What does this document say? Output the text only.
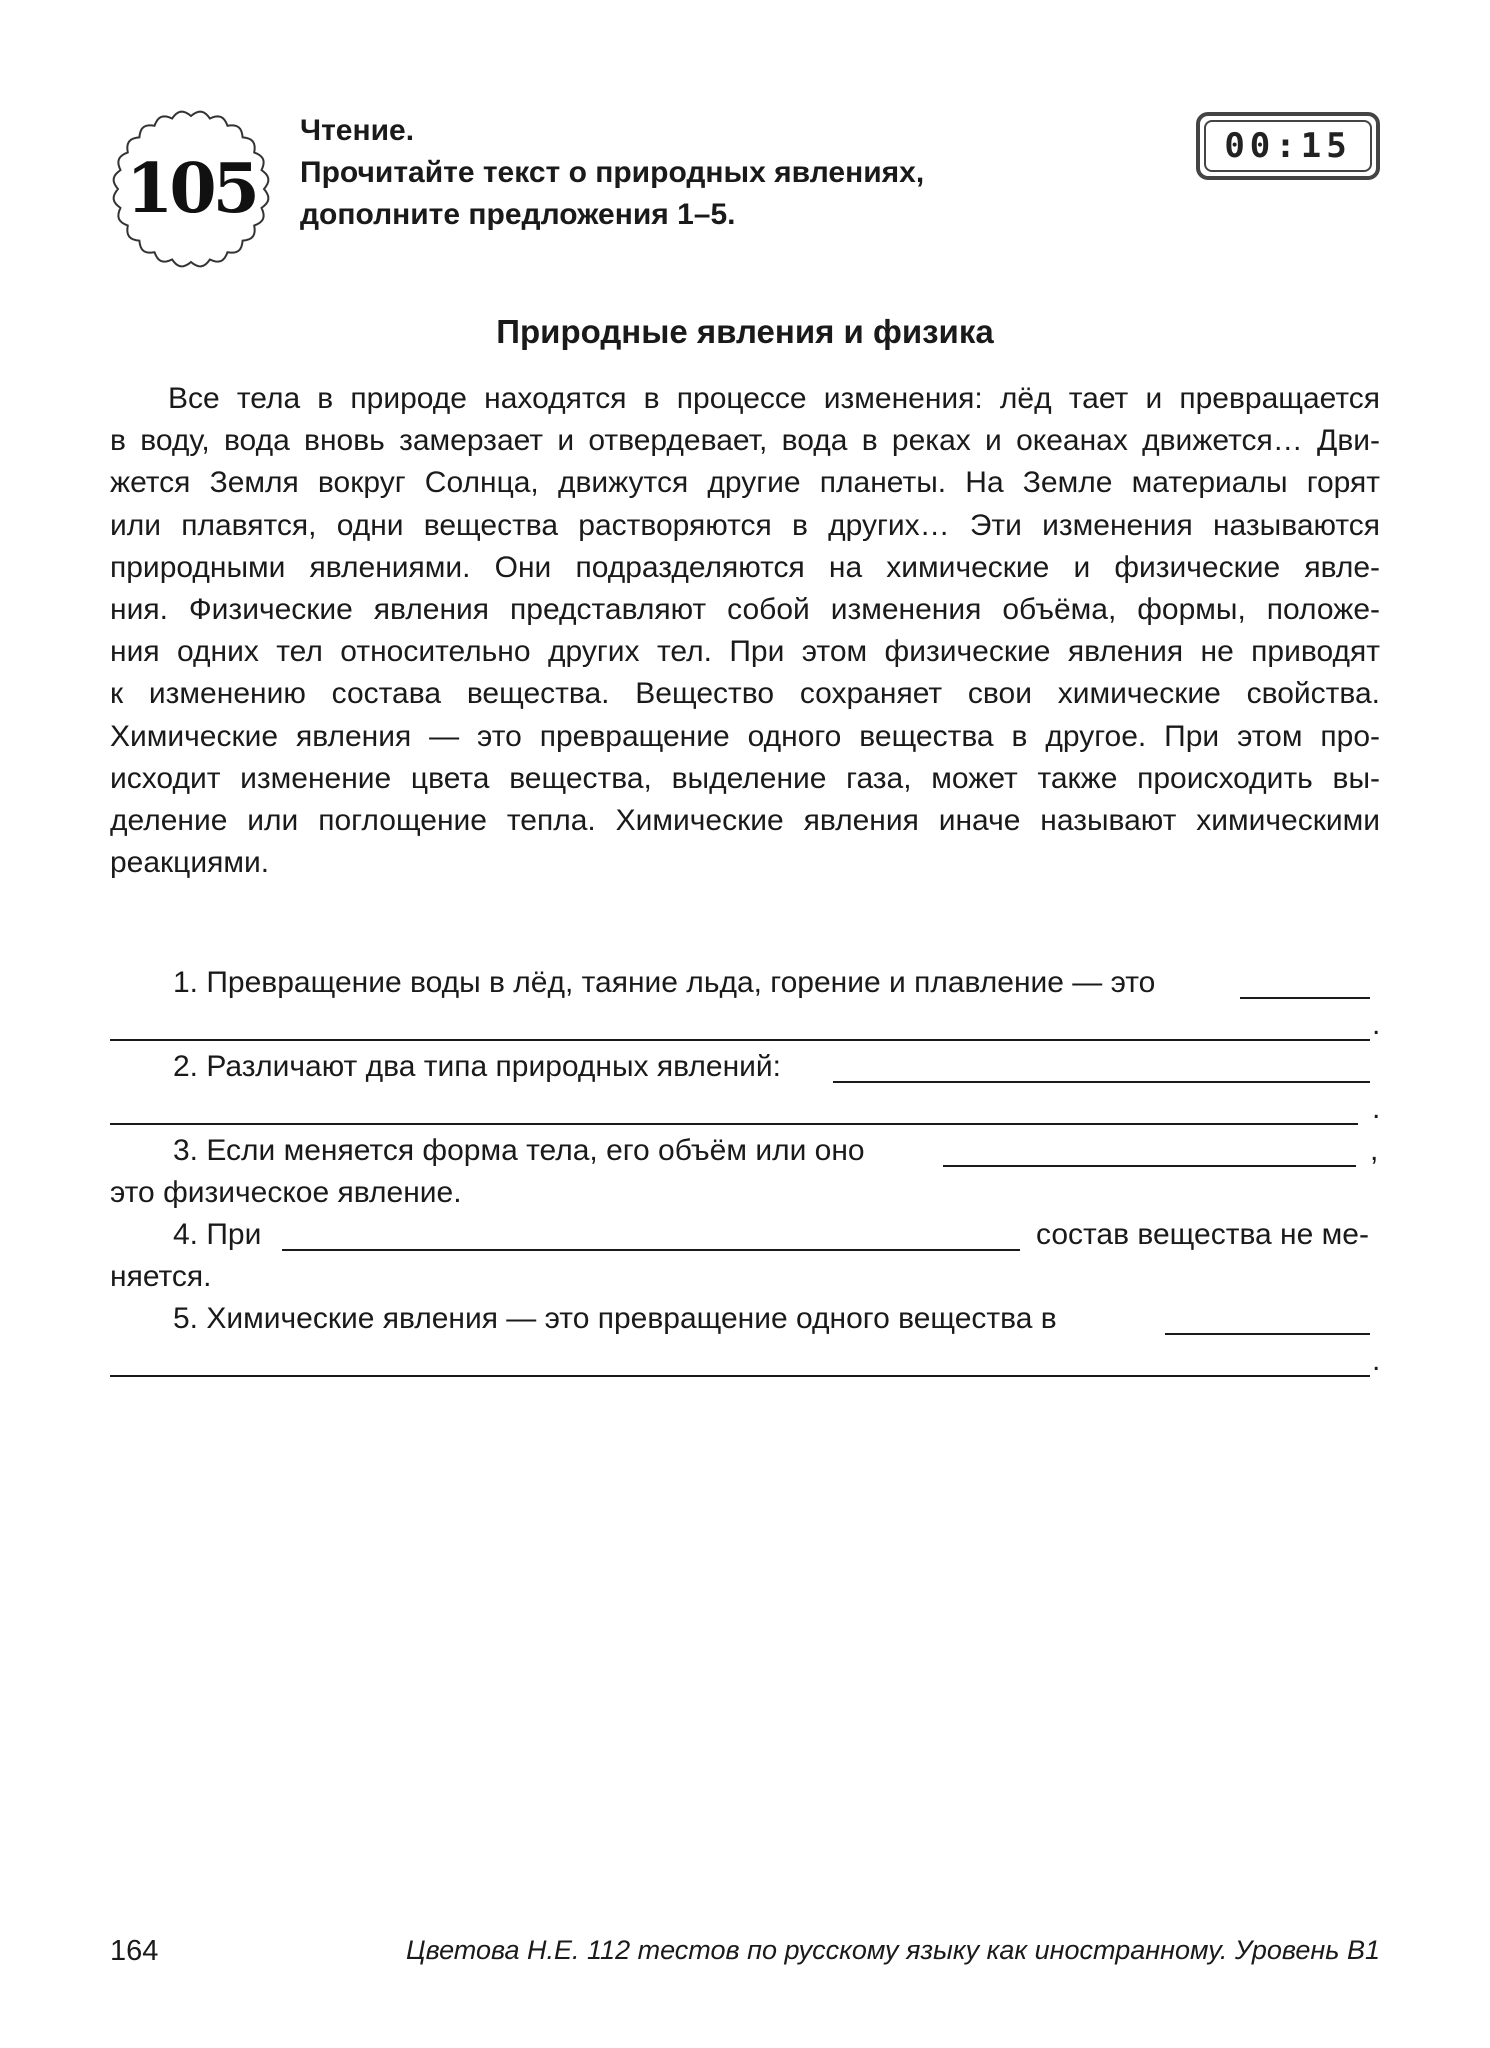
105
Чтение.
Прочитайте текст о природных явлениях,
дополните предложения 1–5.
00:15
Природные явления и физика
Все тела в природе находятся в процессе изменения: лёд тает и превращается
в воду, вода вновь замерзает и отвердевает, вода в реках и океанах движется… Дви-
жется Земля вокруг Солнца, движутся другие планеты. На Земле материалы горят
или плавятся, одни вещества растворяются в других… Эти изменения называются
природными явлениями. Они подразделяются на химические и физические явле-
ния. Физические явления представляют собой изменения объёма, формы, положе-
ния одних тел относительно других тел. При этом физические явления не приводят
к изменению состава вещества. Вещество сохраняет свои химические свойства.
Химические явления — это превращение одного вещества в другое. При этом про-
исходит изменение цвета вещества, выделение газа, может также происходить вы-
деление или поглощение тепла. Химические явления иначе называют химическими
реакциями.
1. Превращение воды в лёд, таяние льда, горение и плавление — это
.
2. Различают два типа природных явлений:
.
3. Если меняется форма тела, его объём или оно	,
это физическое явление.
4. При	состав вещества не ме-
няется.
5. Химические явления — это превращение одного вещества в
.
164	Цветова Н.Е. 112 тестов по русскому языку как иностранному. Уровень В1
